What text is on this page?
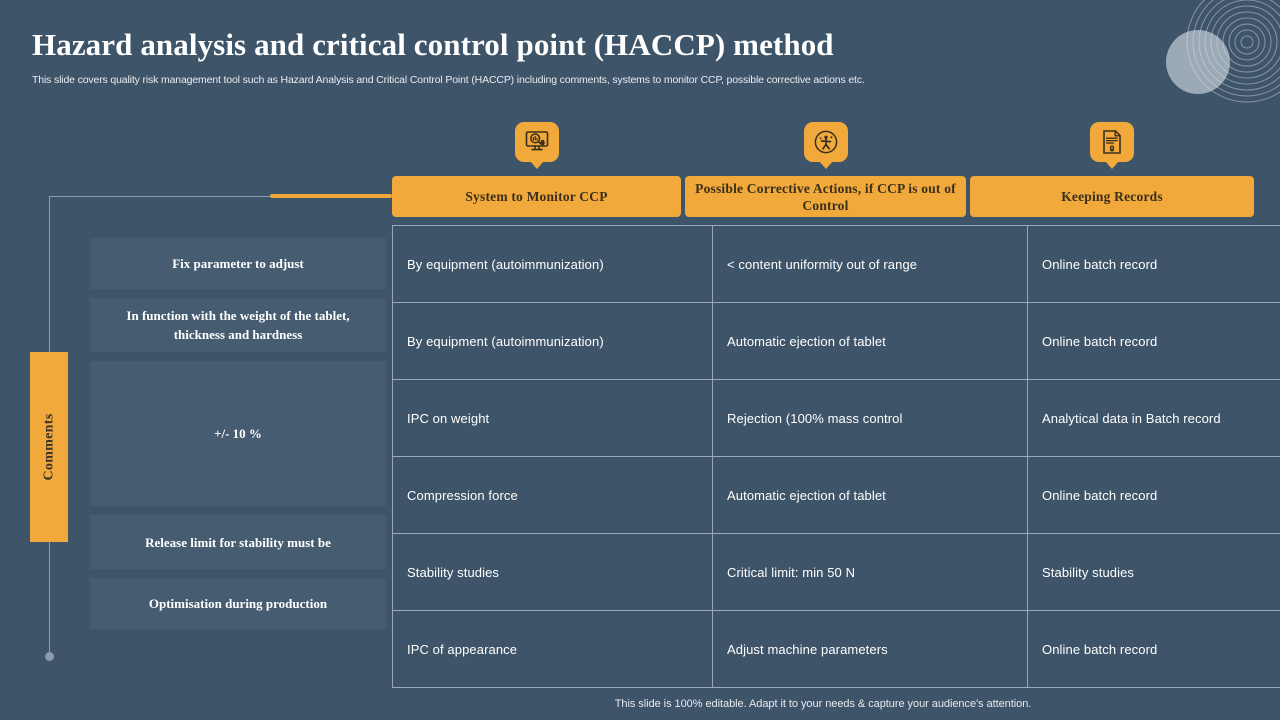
Hazard analysis and critical control point (HACCP) method

This slide covers quality risk management tool such as Hazard Analysis and Critical Control Point (HACCP) including comments, systems to monitor CCP, possible corrective actions etc.

Comments
Fix parameter to adjust
In function with the weight of the tablet, thickness and hardness
+/- 10 %
Release limit for stability must be
Optimisation during production
System to Monitor CCP
Possible Corrective Actions, if CCP is out of Control
Keeping Records
By equipment (autoimmunization)	< content uniformity out of range	Online batch record
By equipment (autoimmunization)	Automatic ejection of tablet	Online batch record
IPC on weight	Rejection (100% mass control	Analytical data in Batch record
Compression force	Automatic ejection of tablet	Online batch record
Stability studies	Critical limit: min 50 N	Stability studies
IPC of appearance	Adjust machine parameters	Online batch record
This slide is 100% editable. Adapt it to your needs & capture your audience's attention.
